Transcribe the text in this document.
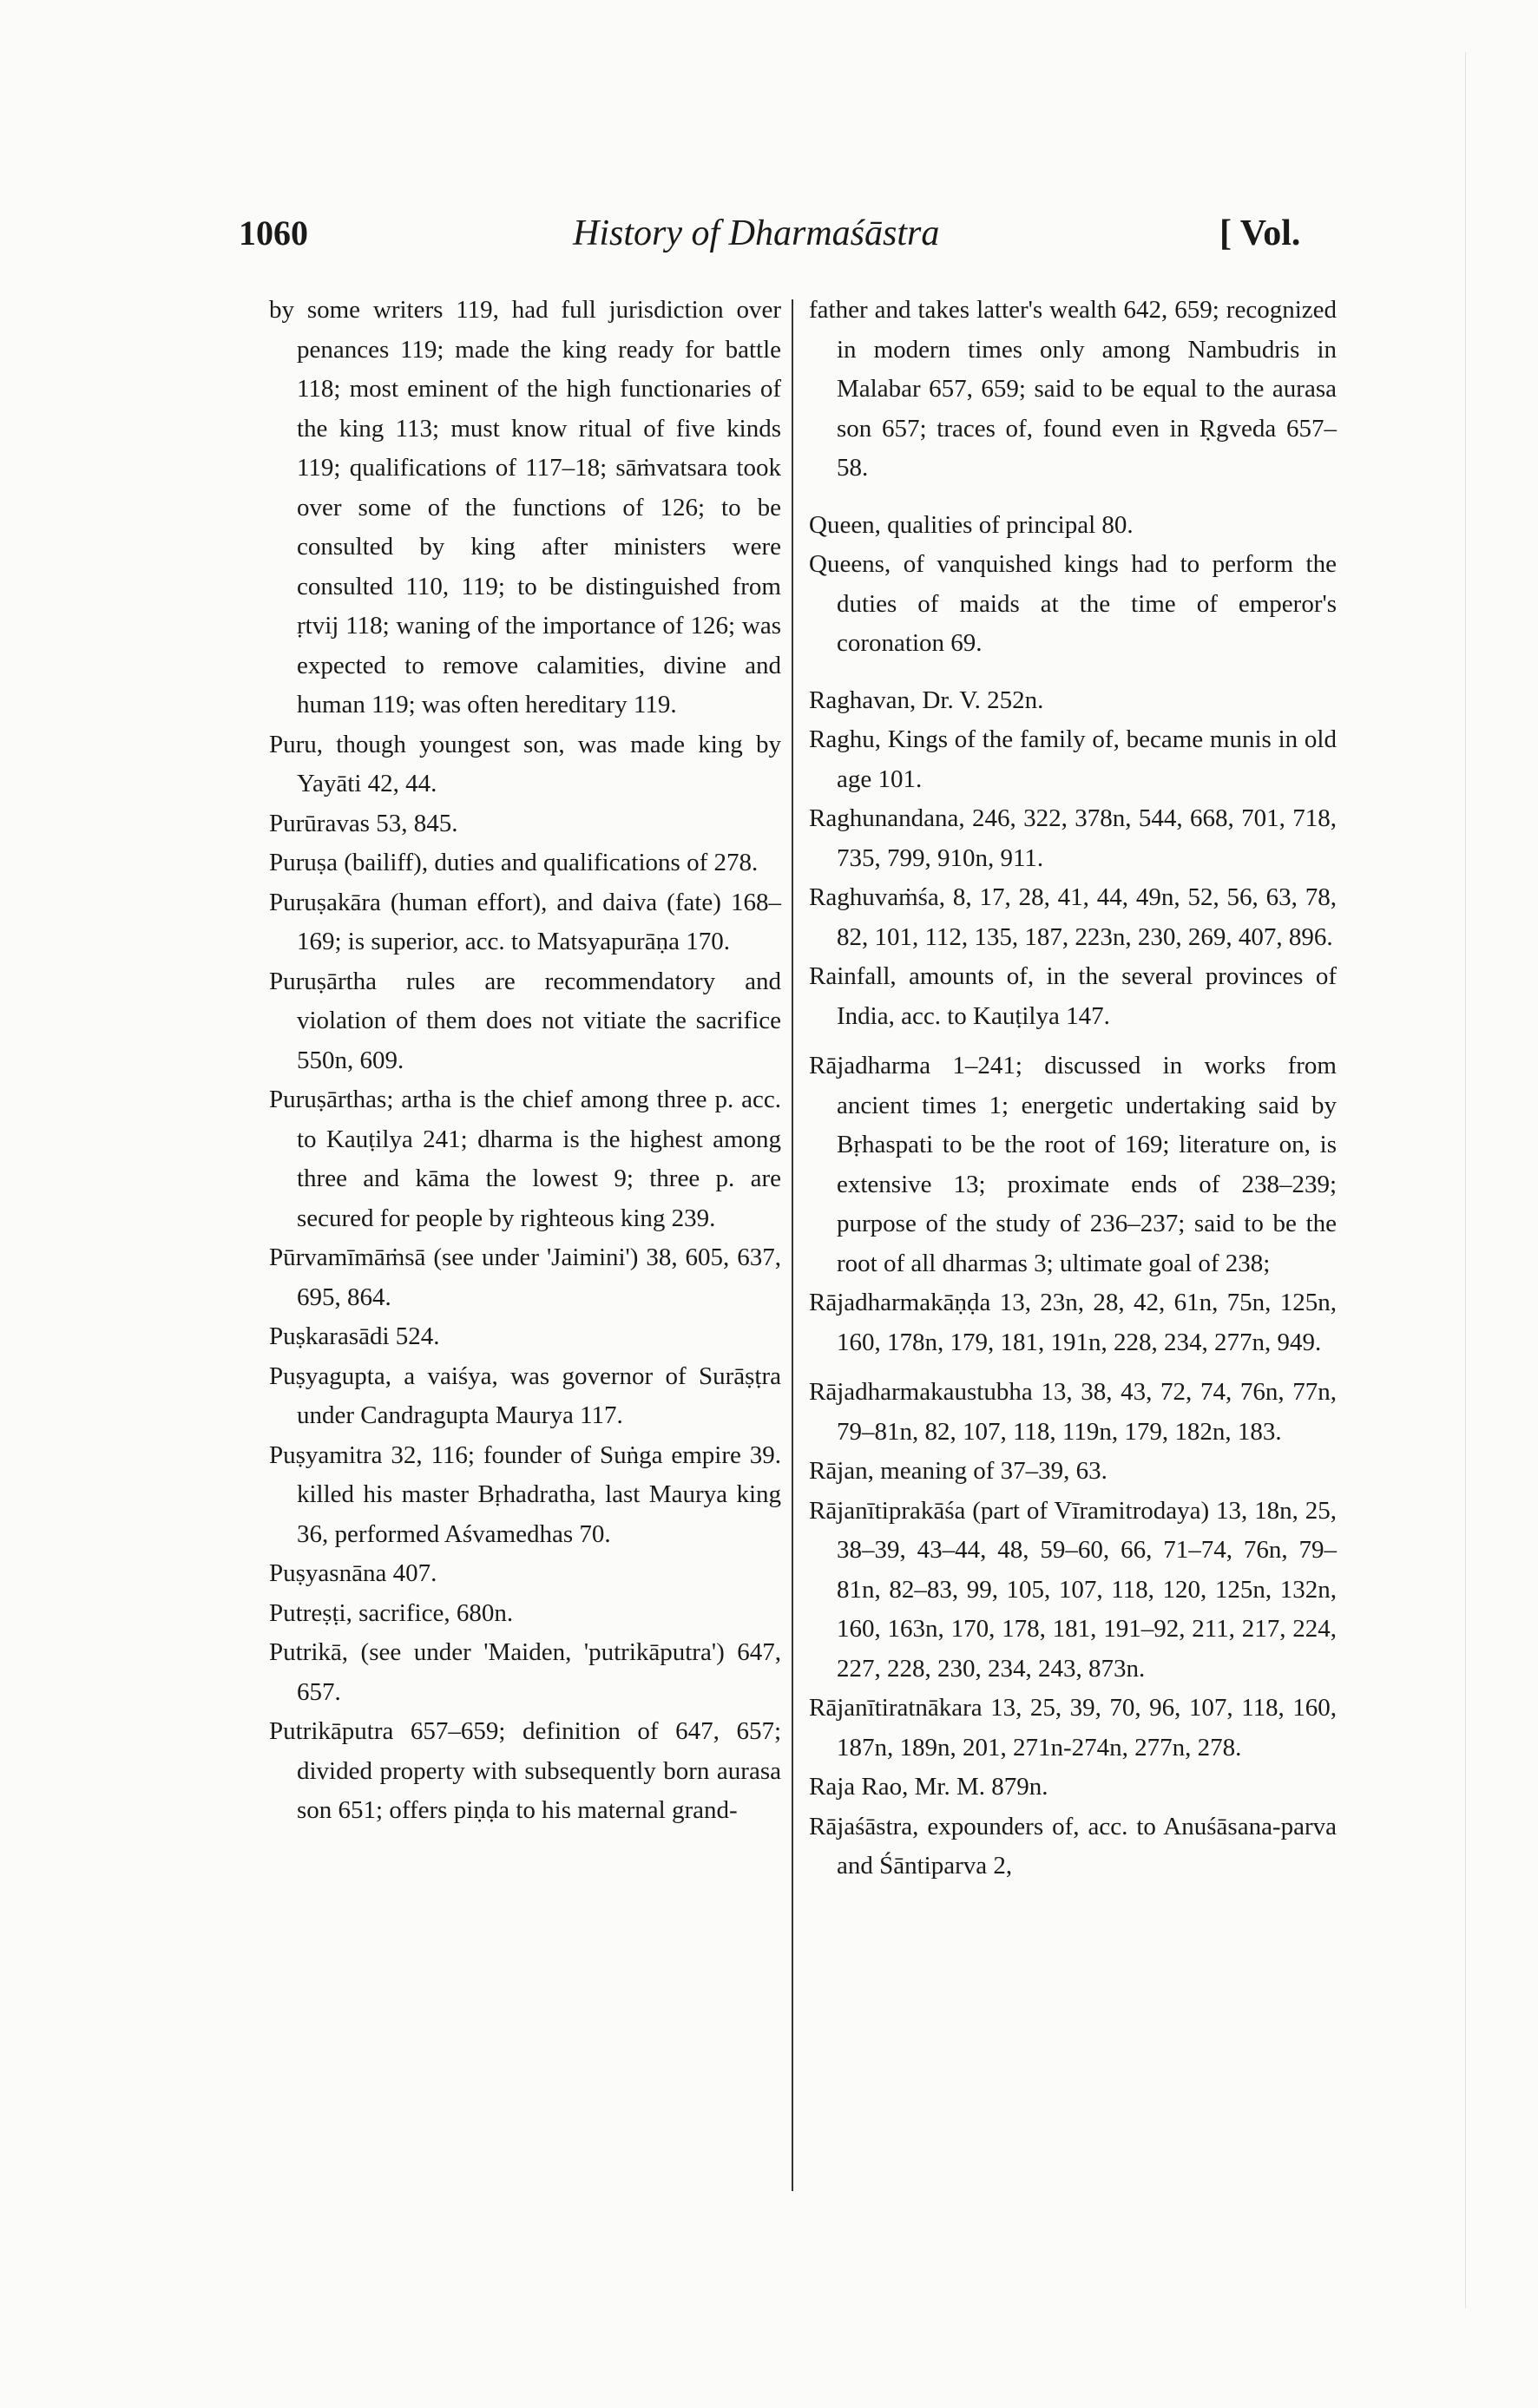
1060	History of Dharmaśāstra	[ Vol.

by some writers 119, had full jurisdiction over penances 119; made the king ready for battle 118; most eminent of the high functionaries of the king 113; must know ritual of five kinds 119; qualifications of 117–18; sāṁvatsara took over some of the functions of 126; to be consulted by king after ministers were consulted 110, 119; to be distinguished from ṛtvij 118; waning of the importance of 126; was expected to remove calamities, divine and human 119; was often hereditary 119.

Puru, though youngest son, was made king by Yayāti 42, 44.

Purūravas 53, 845.

Puruṣa (bailiff), duties and qualifications of 278.

Puruṣakāra (human effort), and daiva (fate) 168–169; is superior, acc. to Matsyapurāṇa 170.

Puruṣārtha rules are recommendatory and violation of them does not vitiate the sacrifice 550n, 609.

Puruṣārthas; artha is the chief among three p. acc. to Kauṭilya 241; dharma is the highest among three and kāma the lowest 9; three p. are secured for people by righteous king 239.

Pūrvamīmāṁsā (see under 'Jaimini') 38, 605, 637, 695, 864.

Puṣkarasādi 524.

Puṣyagupta, a vaiśya, was governor of Surāṣṭra under Candragupta Maurya 117.

Puṣyamitra 32, 116; founder of Suṅga empire 39. killed his master Bṛhadratha, last Maurya king 36, performed Aśvamedhas 70.

Puṣyasnāna 407.

Putreṣṭi, sacrifice, 680n.

Putrikā, (see under 'Maiden, 'putrikāputra') 647, 657.

Putrikāputra 657–659; definition of 647, 657; divided property with subsequently born aurasa son 651; offers piṇḍa to his maternal grand-

father and takes latter's wealth 642, 659; recognized in modern times only among Nambudris in Malabar 657, 659; said to be equal to the aurasa son 657; traces of, found even in Ṛgveda 657–58.

Queen, qualities of principal 80.

Queens, of vanquished kings had to perform the duties of maids at the time of emperor's coronation 69.

Raghavan, Dr. V. 252n.

Raghu, Kings of the family of, became munis in old age 101.

Raghunandana, 246, 322, 378n, 544, 668, 701, 718, 735, 799, 910n, 911.

Raghuvaṁśa, 8, 17, 28, 41, 44, 49n, 52, 56, 63, 78, 82, 101, 112, 135, 187, 223n, 230, 269, 407, 896.

Rainfall, amounts of, in the several provinces of India, acc. to Kauṭilya 147.

Rājadharma 1–241; discussed in works from ancient times 1; energetic undertaking said by Bṛhaspati to be the root of 169; literature on, is extensive 13; proximate ends of 238–239; purpose of the study of 236–237; said to be the root of all dharmas 3; ultimate goal of 238;

Rājadharmakāṇḍa 13, 23n, 28, 42, 61n, 75n, 125n, 160, 178n, 179, 181, 191n, 228, 234, 277n, 949.

Rājadharmakaustubha 13, 38, 43, 72, 74, 76n, 77n, 79–81n, 82, 107, 118, 119n, 179, 182n, 183.

Rājan, meaning of 37–39, 63.

Rājanītiprakāśa (part of Vīramitrodaya) 13, 18n, 25, 38–39, 43–44, 48, 59–60, 66, 71–74, 76n, 79–81n, 82–83, 99, 105, 107, 118, 120, 125n, 132n, 160, 163n, 170, 178, 181, 191–92, 211, 217, 224, 227, 228, 230, 234, 243, 873n.

Rājanītiratnākara 13, 25, 39, 70, 96, 107, 118, 160, 187n, 189n, 201, 271n-274n, 277n, 278.

Raja Rao, Mr. M. 879n.

Rājaśāstra, expounders of, acc. to Anuśāsana-parva and Śāntiparva 2,
